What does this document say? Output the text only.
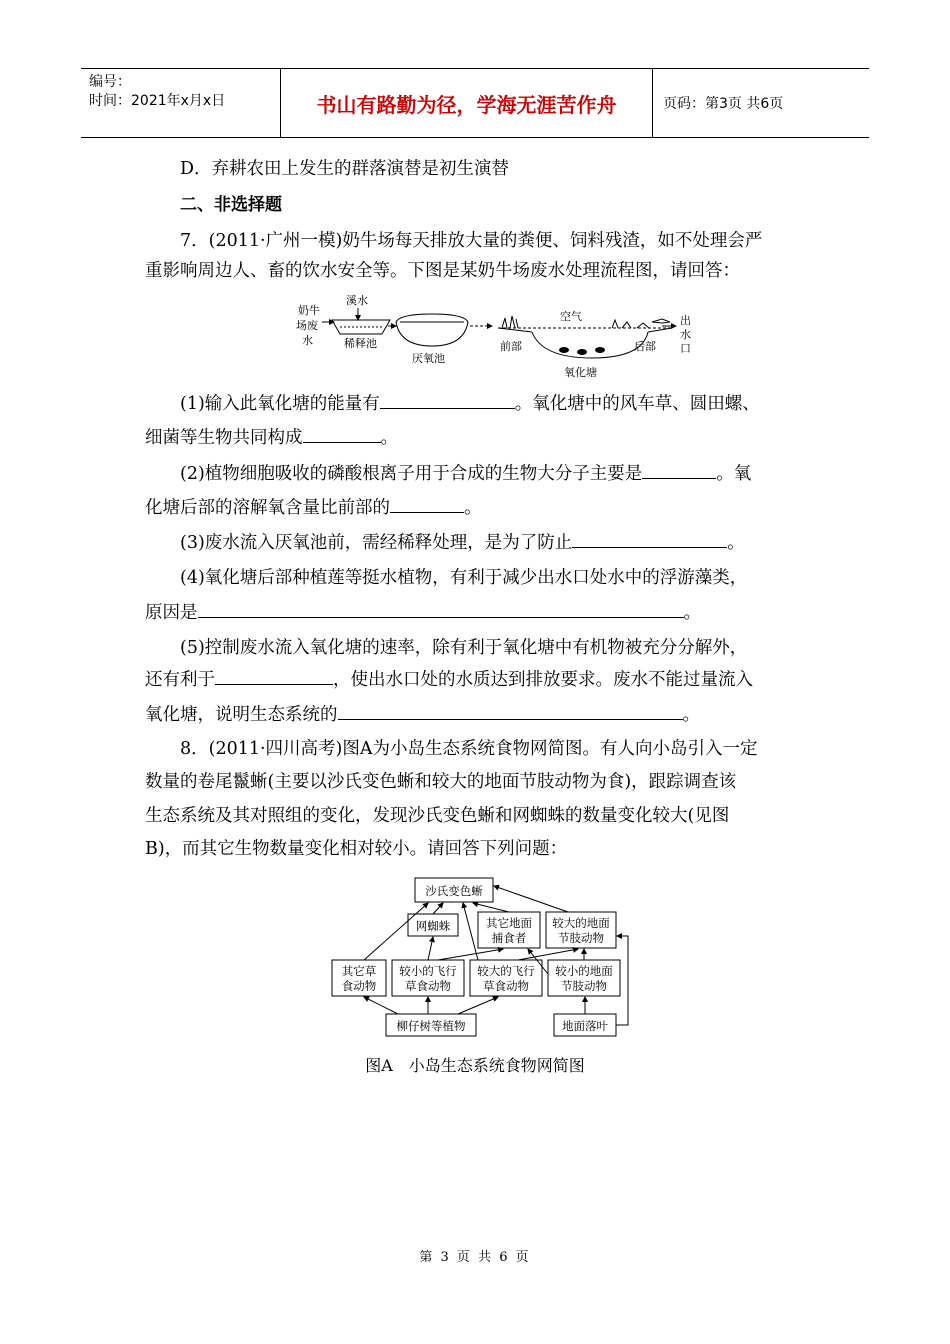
编号：
时间：2021年x月x日	书山有路勤为径，学海无涯苦作舟	页码：第3页 共6页
D．弃耕农田上发生的群落演替是初生演替
二、非选择题
7．(2011·广州一模)奶牛场每天排放大量的粪便、饲料残渣，如不处理会严
重影响周边人、畜的饮水安全等。下图是某奶牛场废水处理流程图，请回答：
奶牛
场废
水
溪水
稀释池
厌氧池
空气
前部	后部
氧化塘
出
水
口
(1)输入此氧化塘的能量有	。氧化塘中的风车草、圆田螺、
细菌等生物共同构成	。
(2)植物细胞吸收的磷酸根离子用于合成的生物大分子主要是	。氧
化塘后部的溶解氧含量比前部的	。
(3)废水流入厌氧池前，需经稀释处理，是为了防止	。
(4)氧化塘后部种植莲等挺水植物，有利于减少出水口处水中的浮游藻类，
原因是	。
(5)控制废水流入氧化塘的速率，除有利于氧化塘中有机物被充分分解外，
还有利于	，使出水口处的水质达到排放要求。废水不能过量流入
氧化塘，说明生态系统的	。
8．(2011·四川高考)图A为小岛生态系统食物网简图。有人向小岛引入一定
数量的卷尾鬣蜥(主要以沙氏变色蜥和较大的地面节肢动物为食)，跟踪调查该
生态系统及其对照组的变化，发现沙氏变色蜥和网蜘蛛的数量变化较大(见图
B)，而其它生物数量变化相对较小。请回答下列问题：
沙氏变色蜥
网蜘蛛	其它地面
捕食者
较大的地面
节肢动物
其它草
食动物
较小的飞行
草食动物
较大的飞行
草食动物
较小的地面
节肢动物
柳仔树等植物	地面落叶
图A　小岛生态系统食物网简图
第 3 页 共 6 页
